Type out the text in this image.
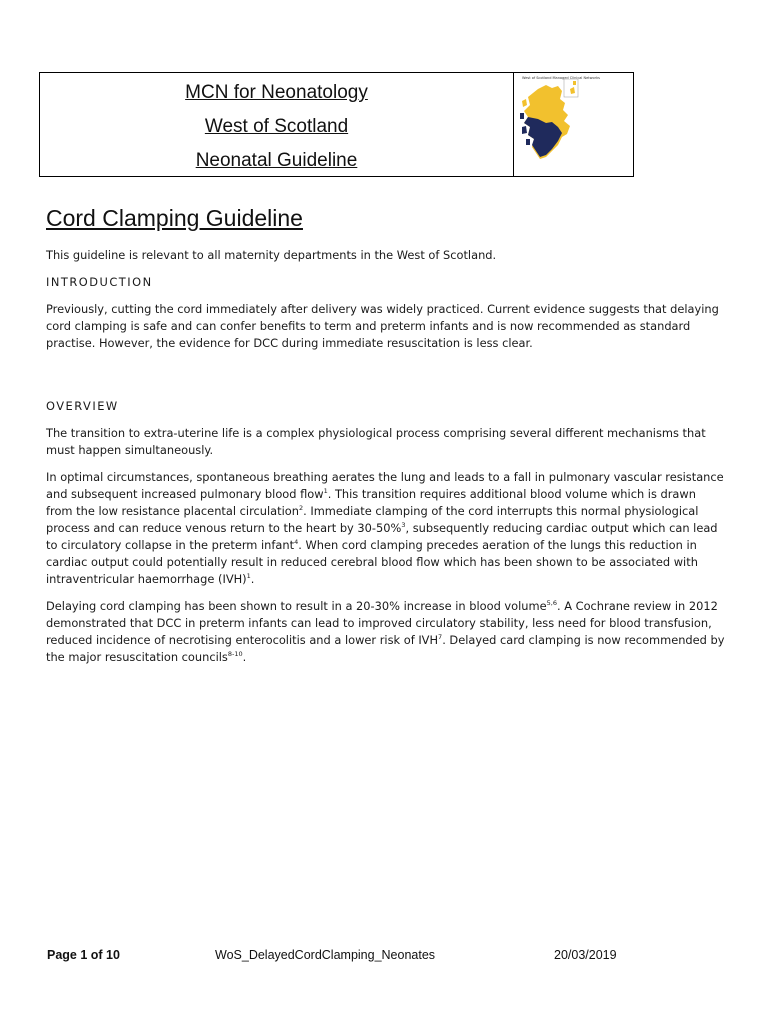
MCN for Neonatology
West of Scotland
Neonatal Guideline
West of Scotland Managed Clinical Networks
Cord Clamping Guideline

This guideline is relevant to all maternity departments in the West of Scotland.

INTRODUCTION

Previously, cutting the cord immediately after delivery was widely practiced. Current evidence suggests that delaying cord clamping is safe and can confer benefits to term and preterm infants and is now recommended as standard practise. However, the evidence for DCC during immediate resuscitation is less clear.

OVERVIEW

The transition to extra-uterine life is a complex physiological process comprising several different mechanisms that must happen simultaneously.

In optimal circumstances, spontaneous breathing aerates the lung and leads to a fall in pulmonary vascular resistance and subsequent increased pulmonary blood flow$^1$. This transition requires additional blood volume which is drawn from the low resistance placental circulation$^2$. Immediate clamping of the cord interrupts this normal physiological process and can reduce venous return to the heart by 30-50%$^3$, subsequently reducing cardiac output which can lead to circulatory collapse in the preterm infant$^4$. When cord clamping precedes aeration of the lungs this reduction in cardiac output could potentially result in reduced cerebral blood flow which has been shown to be associated with intraventricular haemorrhage (IVH)$^1$.

Delaying cord clamping has been shown to result in a 20-30% increase in blood volume$^{5,6}$. A Cochrane review in 2012 demonstrated that DCC in preterm infants can lead to improved circulatory stability, less need for blood transfusion, reduced incidence of necrotising enterocolitis and a lower risk of IVH$^7$. Delayed card clamping is now recommended by the major resuscitation councils$^{8-10}$.

Page 1 of 10	WoS_DelayedCordClamping_Neonates	20/03/2019
